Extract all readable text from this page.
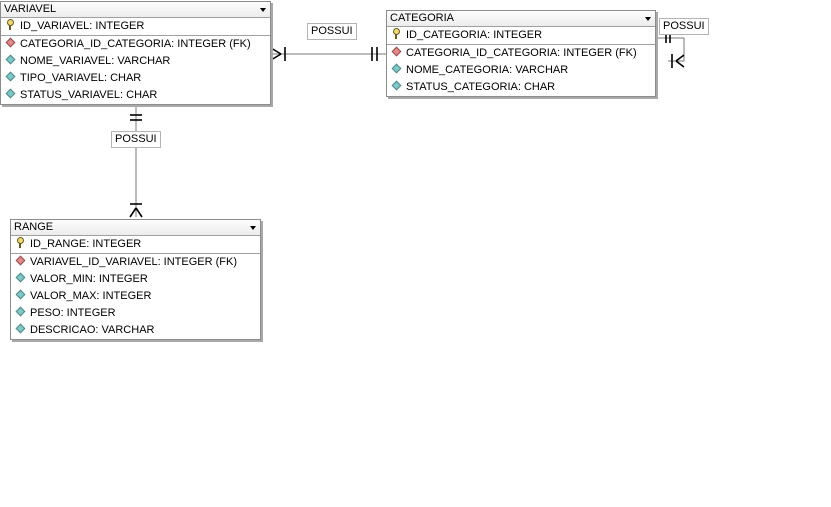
POSSUI	POSSUI
POSSUI
VARIAVEL
ID_VARIAVEL: INTEGER
CATEGORIA_ID_CATEGORIA: INTEGER (FK)
NOME_VARIAVEL: VARCHAR
TIPO_VARIAVEL: CHAR
STATUS_VARIAVEL: CHAR
CATEGORIA
ID_CATEGORIA: INTEGER
CATEGORIA_ID_CATEGORIA: INTEGER (FK)
NOME_CATEGORIA: VARCHAR
STATUS_CATEGORIA: CHAR
RANGE
ID_RANGE: INTEGER
VARIAVEL_ID_VARIAVEL: INTEGER (FK)
VALOR_MIN: INTEGER
VALOR_MAX: INTEGER
PESO: INTEGER
DESCRICAO: VARCHAR
